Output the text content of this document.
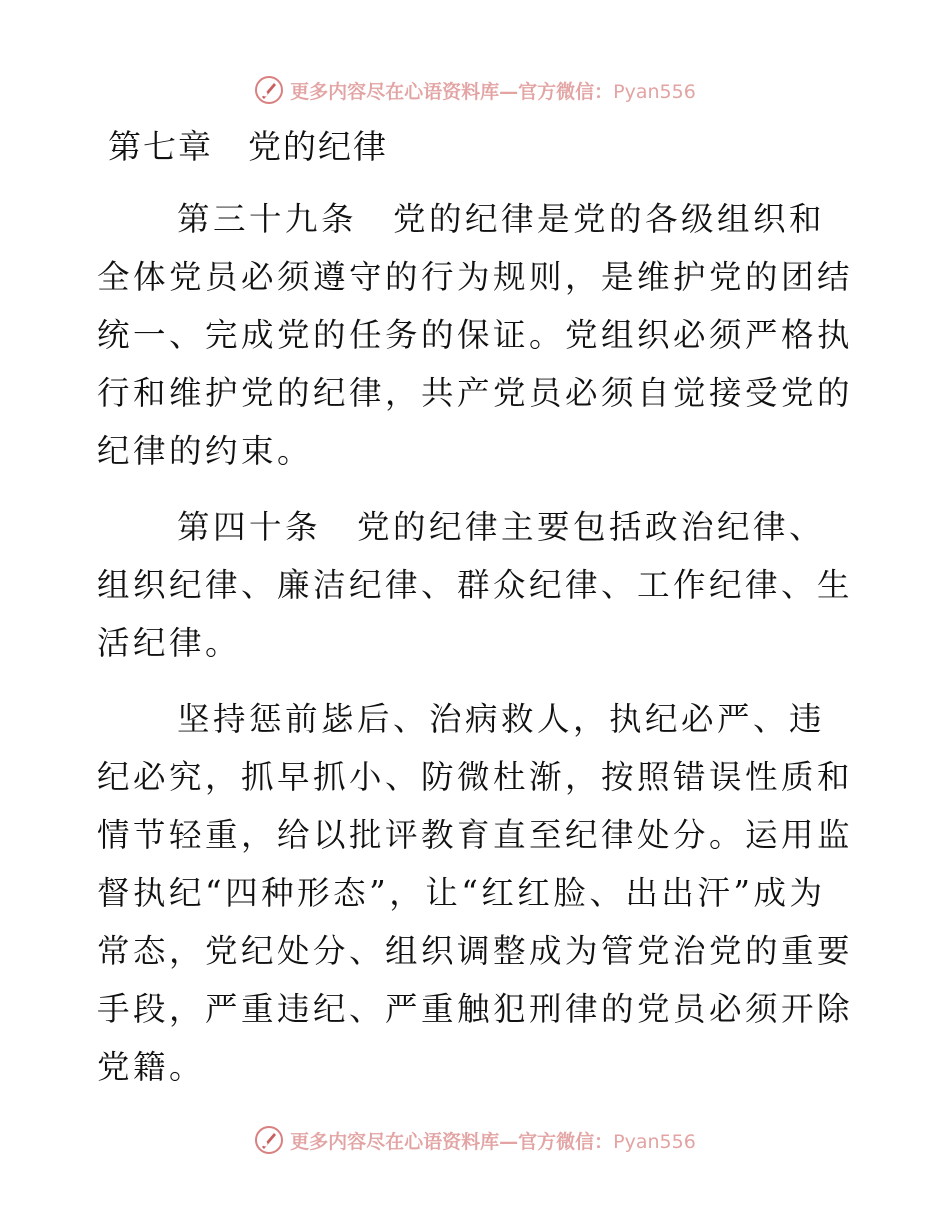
更多内容尽在心语资料库—官方微信：Pyan556
第七章　党的纪律

第三十九条　 党的纪律是党的各级组织和全体党员必须遵守的行为规则，是维护党的团结统一、完成党的任务的保证。党组织必须严格执行和维护党的纪律，共产党员必须自觉接受党的纪律的约束。

第四十条　 党的纪律主要包括政治纪律、组织纪律、廉洁纪律、群众纪律、工作纪律、生活纪律。

坚持惩前毖后、治病救人，执纪必严、违纪必究，抓早抓小、防微杜渐，按照错误性质和情节轻重，给以批评教育直至纪律处分。运用监督执纪“四种形态”，让“红红脸、出出汗”成为常态，党纪处分、组织调整成为管党治党的重要手段，严重违纪、严重触犯刑律的党员必须开除党籍。

更多内容尽在心语资料库—官方微信：Pyan556
